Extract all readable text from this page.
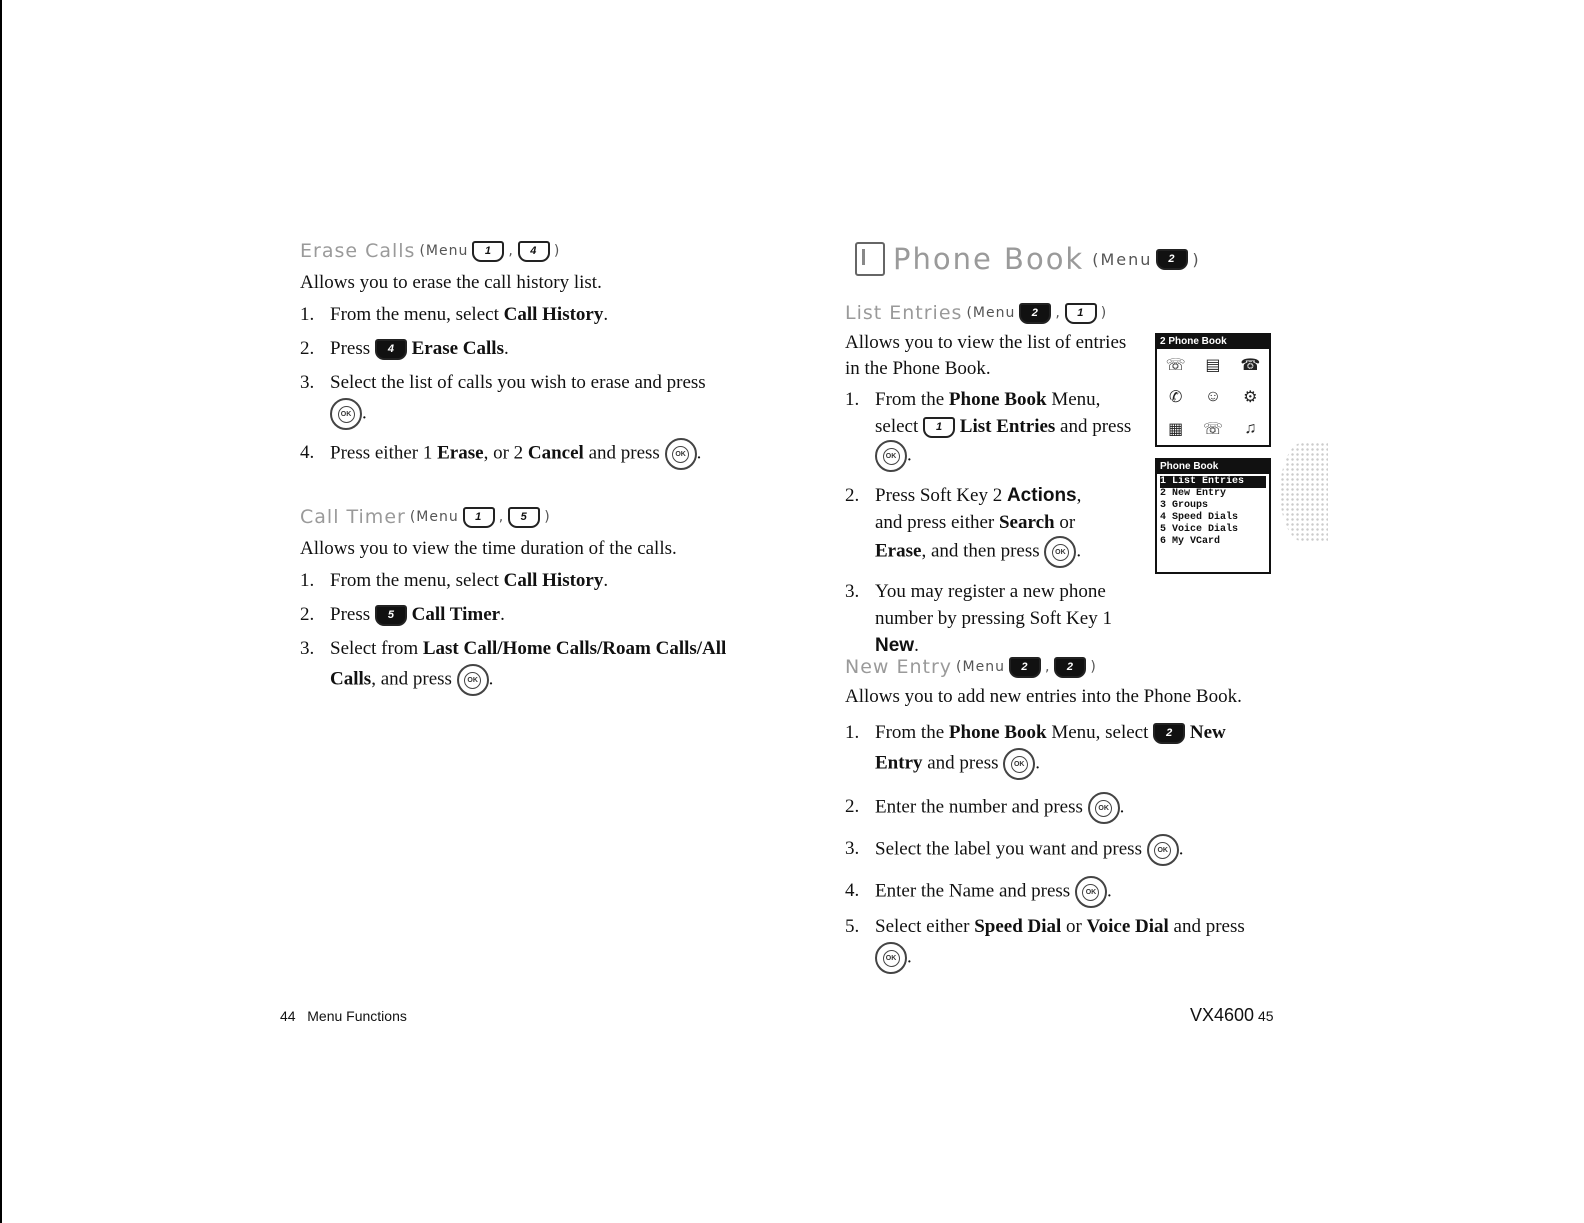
Erase Calls (Menu	1	,	4	)

Allows you to erase the call history list.

1. From the menu, select Call History.
2. Press 4 Erase Calls.
3. Select the list of calls you wish to erase and press

OK .
4. Press either 1 Erase, or 2 Cancel and press	OK .
Call Timer (Menu	1	,	5	)

Allows you to view the time duration of the calls.

1. From the menu, select Call History.
2. Press 5 Call Timer.
3. Select from Last Call/Home Calls/Roam Calls/All Calls, and press	OK .
44 Menu Functions
Phone Book (Menu	2 )
List Entries (Menu	2	,	1	)

Allows you to view the list of entries in the Phone Book.

1. From the Phone Book Menu, select 1 List Entries and press
OK .
2. Press Soft Key 2 Actions, and press either Search or Erase, and then press	OK .
3. You may register a new phone number by pressing Soft Key 1 New.
2 Phone Book
☏	▤	☎
✆	☺	⚙
▦	☏	♫
Phone Book
1 List Entries
2 New Entry
3 Groups
4 Speed Dials
5 Voice Dials
6 My VCard
New Entry (Menu	2	,	2	)

Allows you to add new entries into the Phone Book.

1. From the Phone Book Menu, select 2 New Entry and press	OK .
2. Enter the number and press	OK .
3. Select the label you want and press	OK .
4. Enter the Name and press	OK .
5. Select either Speed Dial or Voice Dial and press
OK .
VX4600 45
